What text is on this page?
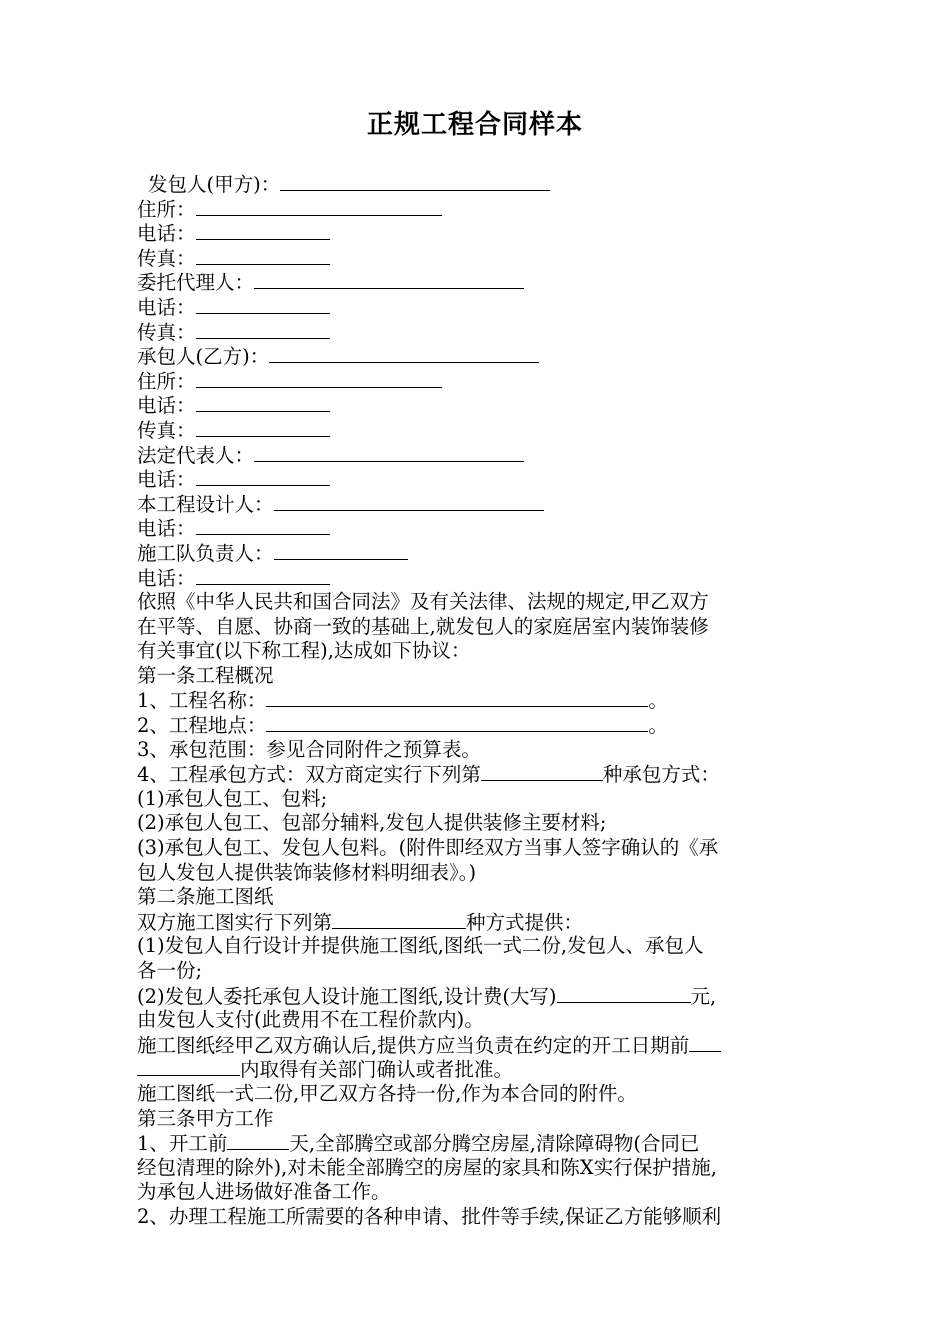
正规工程合同样本
发包人(甲方)：
住所：
电话：
传真：
委托代理人：
电话：
传真：
承包人(乙方)：
住所：
电话：
传真：
法定代表人：
电话：
本工程设计人：
电话：
施工队负责人：
电话：
依照《中华人民共和国合同法》及有关法律、法规的规定,甲乙双方
在平等、自愿、协商一致的基础上,就发包人的家庭居室内装饰装修
有关事宜(以下称工程),达成如下协议：
第一条工程概况
1、工程名称：	。
2、工程地点：	。
3、承包范围：参见合同附件之预算表。
4、工程承包方式：双方商定实行下列第	种承包方式：
(1)承包人包工、包料;
(2)承包人包工、包部分辅料,发包人提供装修主要材料;
(3)承包人包工、发包人包料。(附件即经双方当事人签字确认的《承
包人发包人提供装饰装修材料明细表》。)
第二条施工图纸
双方施工图实行下列第	种方式提供：
(1)发包人自行设计并提供施工图纸,图纸一式二份,发包人、承包人
各一份;
(2)发包人委托承包人设计施工图纸,设计费(大写)	元,
由发包人支付(此费用不在工程价款内)。
施工图纸经甲乙双方确认后,提供方应当负责在约定的开工日期前
内取得有关部门确认或者批准。
施工图纸一式二份,甲乙双方各持一份,作为本合同的附件。
第三条甲方工作
1、开工前	天,全部腾空或部分腾空房屋,清除障碍物(合同已
经包清理的除外),对未能全部腾空的房屋的家具和陈X实行保护措施,
为承包人进场做好准备工作。
2、办理工程施工所需要的各种申请、批件等手续,保证乙方能够顺利
